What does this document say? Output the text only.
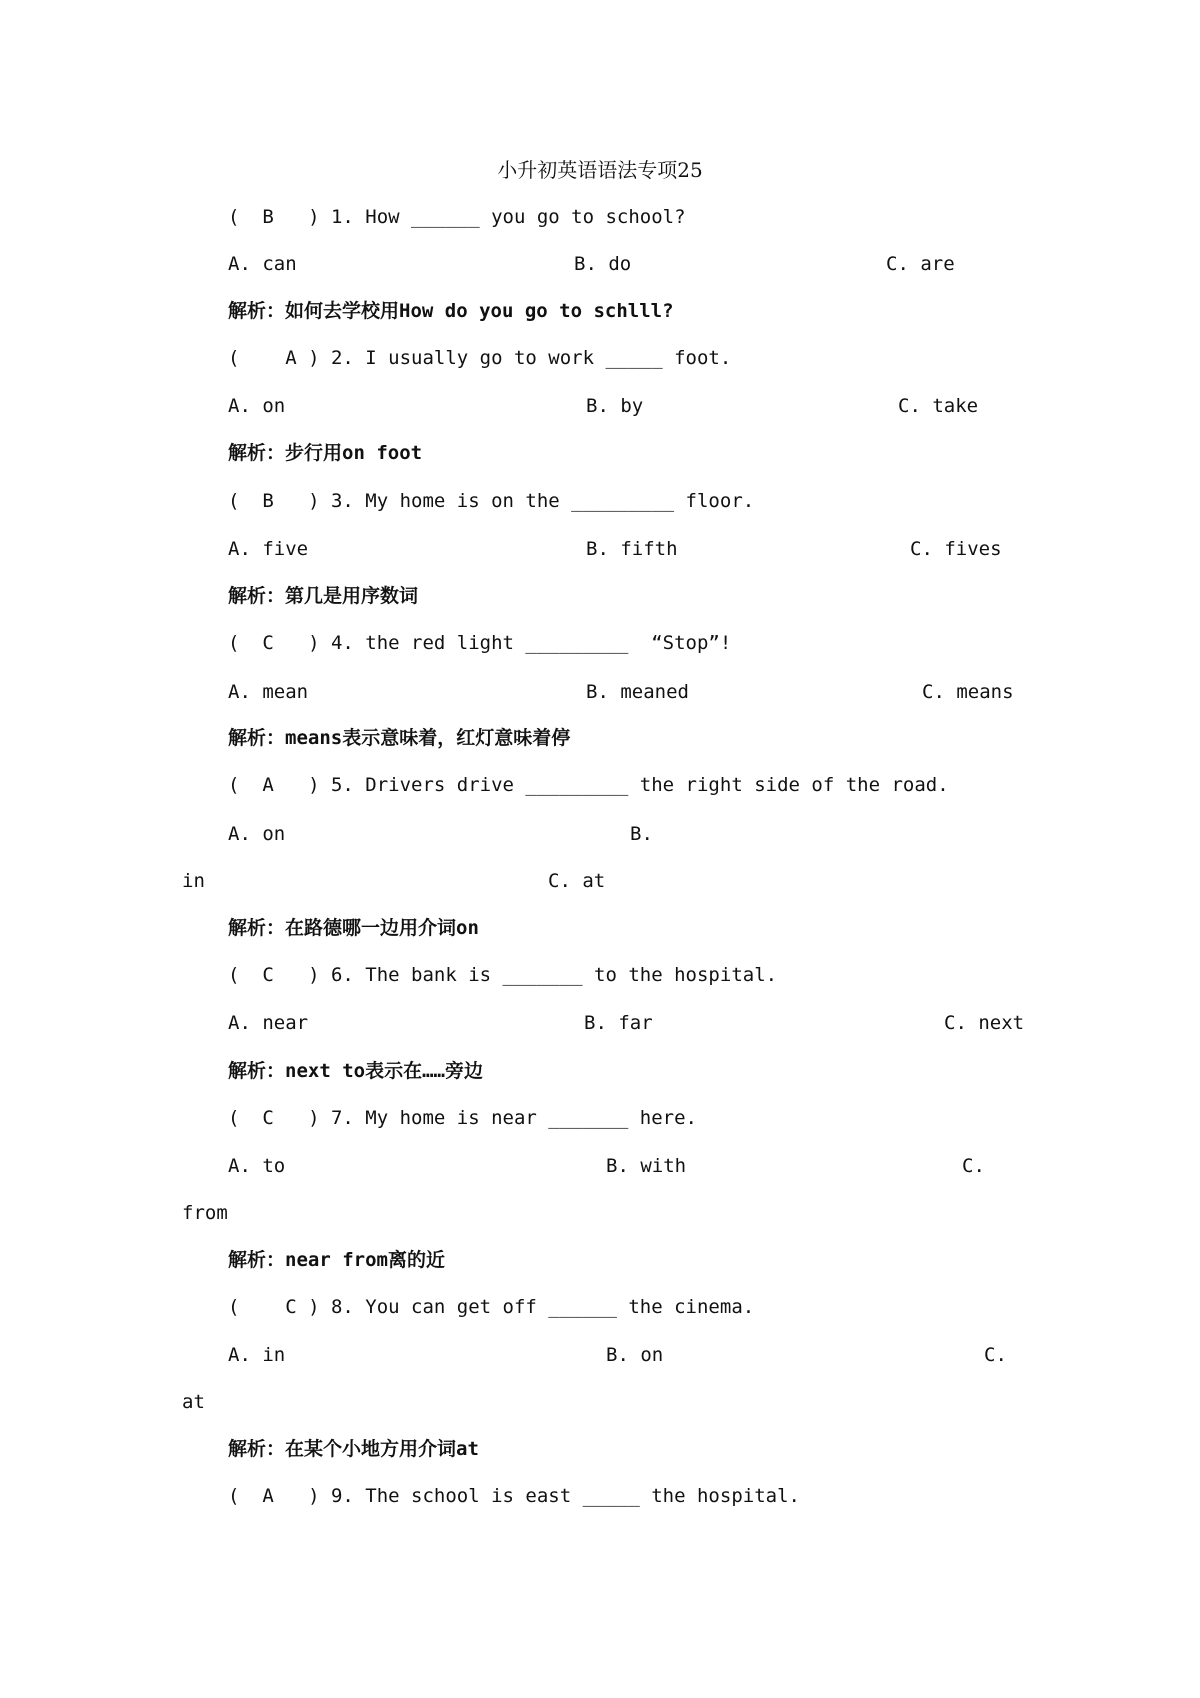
小升初英语语法专项25
(  B   ) 1. How ______ you go to school?
A. can	B. do	C. are
解析：如何去学校用How do you go to schlll?
(    A ) 2. I usually go to work _____ foot.
A. on	B. by	C. take
解析：步行用on foot
(  B   ) 3. My home is on the _________ floor.
A. five	B. fifth	C. fives
解析：第几是用序数词
(  C   ) 4. the red light _________  “Stop”!
A. mean	B. meaned	C. means
解析：means表示意味着，红灯意味着停
(  A   ) 5. Drivers drive _________ the right side of the road.
A. on	B.
in	C. at
解析：在路德哪一边用介词on
(  C   ) 6. The bank is _______ to the hospital.
A. near	B. far	C. next
解析：next to表示在……旁边
(  C   ) 7. My home is near _______ here.
A. to	B. with	C.
from
解析：near from离的近
(    C ) 8. You can get off ______ the cinema.
A. in	B. on	C.
at
解析：在某个小地方用介词at
(  A   ) 9. The school is east _____ the hospital.
